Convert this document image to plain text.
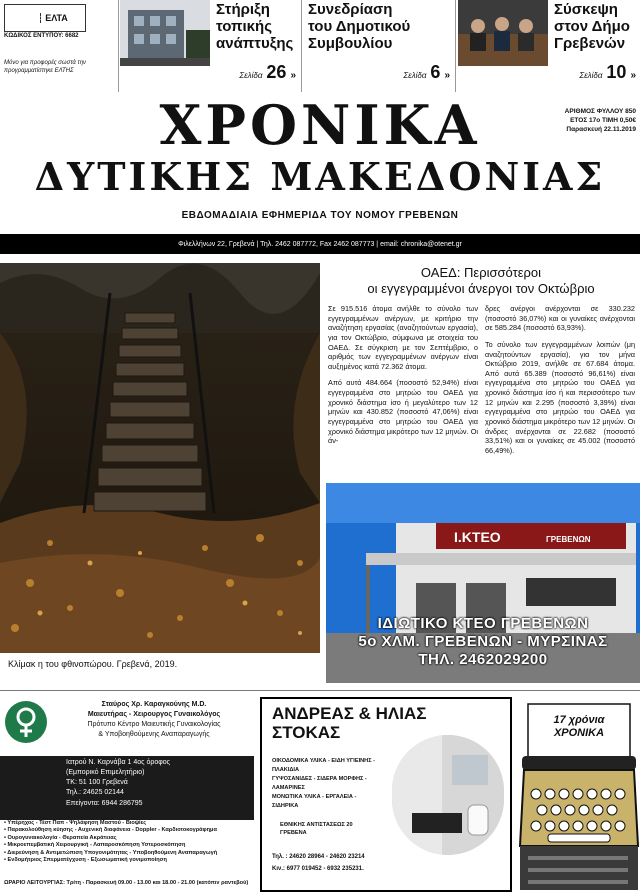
ΕΛΤΑ
ΚΩΔΙΚΟΣ ΕΝΤΥΠΟΥ: 6682
Μόνο για προφορές σωστά την προγραμματίστηκε ΕΛΤΗΣ
Στήριξη
τοπικής
ανάπτυξης
Σελίδα 26 »
Συνεδρίαση
του Δημοτικού
Συμβουλίου
Σελίδα 6 »
Σύσκεψη
στον Δήμο
Γρεβενών
Σελίδα 10 »
ΧΡΟΝΙΚΑ
ΔΥΤΙΚΗΣ ΜΑΚΕΔΟΝΙΑΣ
ΕΒΔΟΜΑΔΙΑΙΑ ΕΦΗΜΕΡΙΔΑ ΤΟΥ ΝΟΜΟΥ ΓΡΕΒΕΝΩΝ
ΑΡΙΘΜΟΣ ΦΥΛΛΟΥ 850
ΕΤΟΣ 17ο ΤΙΜΗ 0,50€
Παρασκευή 22.11.2019
Φιλελλήνων 22, Γρεβενά | Τηλ. 2462 087772, Fax 2462 087773 | email: chronika@otenet.gr
Κλίμακ η του φθινοπώρου. Γρεβενά, 2019.
ΟΑΕΔ: Περισσότεροι
οι εγγεγραμμένοι άνεργοι τον Οκτώβριο

Σε 915.516 άτομα ανήλθε το σύνολο των εγγεγραμμένων ανέργων, με κριτήριο την αναζήτηση εργασίας (αναζητούντων εργασία), για τον Οκτώβριο, σύμφωνα με στοιχεία του ΟΑΕΔ. Σε σύγκριση με τον Σεπτέμβριο, ο αριθμός των εγγεγραμμένων ανέργων είναι αυξημένος κατά 72.362 άτομα.

Από αυτά 484.664 (ποσοστό 52,94%) είναι εγγεγραμμένα στο μητρώο του ΟΑΕΔ για χρονικό διάστημα ίσο ή μεγαλύτερο των 12 μηνών και 430.852 (ποσοστό 47,06%) είναι εγγεγραμμένα στο μητρώο του ΟΑΕΔ για χρονικό διάστημα μικρότερο των 12 μηνών. Οι άν-

δρες ανέργοι ανέρχονται σε 330.232 (ποσοστό 36,07%) και οι γυναίκες ανέρχονται σε 585.284 (ποσοστό 63,93%).

Το σύνολο των εγγεγραμμένων λοιπών (μη αναζητούντων εργασία), για τον μήνα Οκτώβριο 2019, ανήλθε σε 67.684 άτομα. Από αυτά 65.389 (ποσοστό 96,61%) είναι εγγεγραμμένα στο μητρώο του ΟΑΕΔ για χρονικό διάστημα ίσο ή και περισσότερο των 12 μηνών και 2.295 (ποσοστό 3,39%) είναι εγγεγραμμένα στο μητρώο του ΟΑΕΔ για χρονικό διάστημα μικρότερο των 12 μηνών. Οι άνδρες ανέρχονται σε 22.682 (ποσοστό 33,51%) και οι γυναίκες σε 45.002 (ποσοστό 66,49%).

Ι.ΚΤΕΟ	ΓΡΕΒΕΝΩΝ
ΙΔΙΩΤΙΚΟ ΚΤΕΟ ΓΡΕΒΕΝΩΝ
5ο ΧΛΜ. ΓΡΕΒΕΝΩΝ - ΜΥΡΣΙΝΑΣ
ΤΗΛ. 2462029200
Σταύρος Χρ. Καραγκούνης M.D.
Μαιευτήρας - Χειρουργος Γυναικολόγος
Πρότυπο Κέντρο Μαιευτικής Γυναικολογίας
& Υποβοηθούμενης Αναπαραγωγής
Ιατρού Ν. Καρνάβα 1 4ος όροφος
(Εμπορικό Επιμελητήριο)
ΤΚ: 51 100 Γρεβενά
Τηλ.: 24625 02144
Επείγοντα: 6944 286795
• Υπέρηχος - Τέστ Παπ - Ψηλάφηση Μαστού - Βιοψίες
• Παρακολούθηση κύησης - Αυχενική διαφάνεια - Doppler - Καρδιοτοκογράφημα
• Ουρογυναικολογία - Θεραπεία Ακράτειας
• Μικροεπεμβατική Χειρουργική - Λαπαροσκόπηση Υστεροσκόπηση
• Διερεύνηση & Αντιμετώπιση Υπογονιμότητας - Υποβοηθούμενη Αναπαραγωγή
• Ενδομήτριος Σπερματέγχυση - Εξωσωματική γονιμοποίηση
ΩΡΑΡΙΟ ΛΕΙΤΟΥΡΓΙΑΣ: Τρίτη - Παρασκευή 09.00 - 13.00 και 18.00 - 21.00 (κατόπιν ραντεβού)
ΑΝΔΡΕΑΣ & ΗΛΙΑΣ
ΣΤΟΚΑΣ
ΟΙΚΟΔΟΜΙΚΑ ΥΛΙΚΑ - ΕΙΔΗ ΥΓΙΕΙΝΗΣ -
ΠΛΑΚΙΔΙΑ
ΓΥΨΟΣΑΝΙΔΕΣ - ΣΙΔΕΡΑ ΜΟΡΦΗΣ -
ΛΑΜΑΡΙΝΕΣ
ΜΟΝΩΤΙΚΑ ΥΛΙΚΑ - ΕΡΓΑΛΕΙΑ -
ΣΙΔΗΡΙΚΑ
ΕΘΝΙΚΗΣ ΑΝΤΙΣΤΑΣΕΩΣ 20
ΓΡΕΒΕΝΑ
Τηλ. : 24620 28964 - 24620 23214
Κιν.: 6977 019452 - 6932 235231.
17 χρόνια
ΧΡΟΝΙΚΑ
